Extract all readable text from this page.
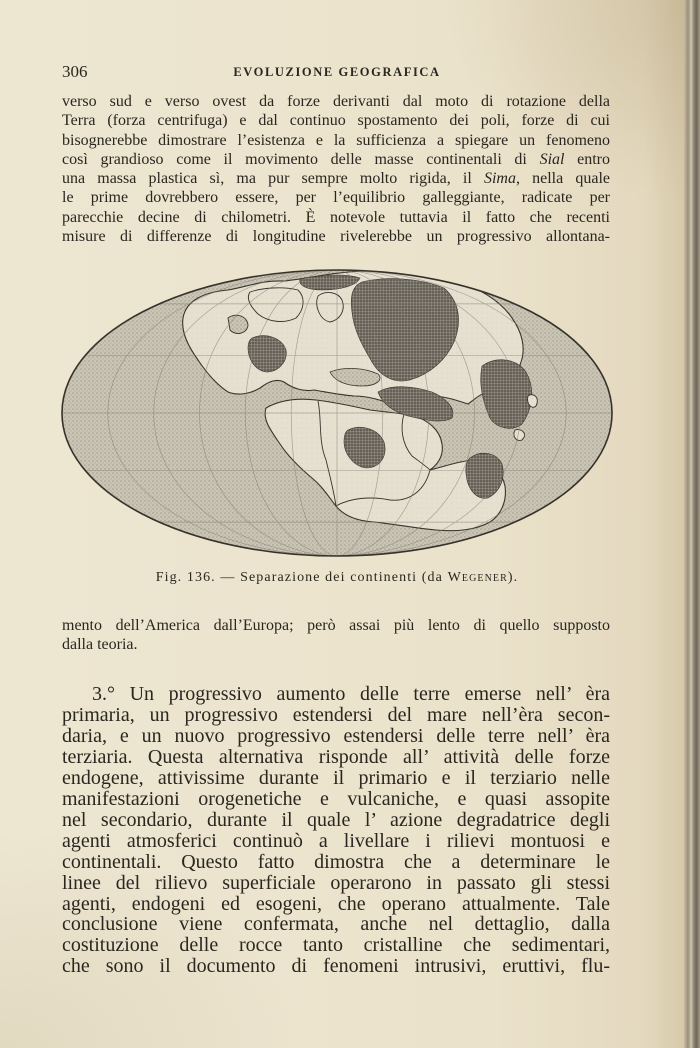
306	EVOLUZIONE GEOGRAFICA
verso sud e verso ovest da forze derivanti dal moto di rotazione della
Terra (forza centrifuga) e dal continuo spostamento dei poli, forze di cui
bisognerebbe dimostrare l’esistenza e la sufficienza a spiegare un fenomeno
così grandioso come il movimento delle masse continentali di Sial entro
una massa plastica sì, ma pur sempre molto rigida, il Sima, nella quale
le prime dovrebbero essere, per l’equilibrio galleggiante, radicate per
parecchie decine di chilometri. È notevole tuttavia il fatto che recenti
misure di differenze di longitudine rivelerebbe un progressivo allontana-
Fig. 136. — Separazione dei continenti (da Wegener).
mento dell’America dall’Europa; però assai più lento di quello supposto
dalla teoria.
3.° Un progressivo aumento delle terre emerse nell’ èra
primaria, un progressivo estendersi del mare nell’èra secon-
daria, e un nuovo progressivo estendersi delle terre nell’ èra
terziaria. Questa alternativa risponde all’ attività delle forze
endogene, attivissime durante il primario e il terziario nelle
manifestazioni orogenetiche e vulcaniche, e quasi assopite
nel secondario, durante il quale l’ azione degradatrice degli
agenti atmosferici continuò a livellare i rilievi montuosi e
continentali. Questo fatto dimostra che a determinare le
linee del rilievo superficiale operarono in passato gli stessi
agenti, endogeni ed esogeni, che operano attualmente. Tale
conclusione viene confermata, anche nel dettaglio, dalla
costituzione delle rocce tanto cristalline che sedimentari,
che sono il documento di fenomeni intrusivi, eruttivi, flu-
